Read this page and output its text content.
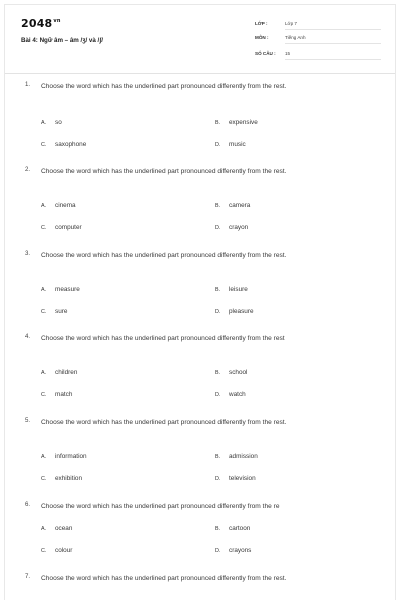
$2048^{vn}$
Bài 4: Ngữ âm – âm /ʒ/ và /ʃ/
LỚP :	Lớp 7
MÔN :	Tiếng Anh
SỐ CÂU : 15
1. Choose the word which has the underlined part pronounced differently from the rest.
A. so	B. expensive
C. saxophone	D. music
2. Choose the word which has the underlined part pronounced differently from the rest.
A. cinema	B. camera
C. computer	D. crayon
3. Choose the word which has the underlined part pronounced differently from the rest.
A. measure	B. leisure
C. sure	D. pleasure
4. Choose the word which has the underlined part pronounced differently from the rest
A. children	B. school
C. match	D. watch
5. Choose the word which has the underlined part pronounced differently from the rest.
A. information	B. admission
C. exhibition	D. television
6. Choose the word which has the underlined part pronounced differently from the re
A. ocean	B. cartoon
C. colour	D. crayons
7. Choose the word which has the underlined part pronounced differently from the rest.
